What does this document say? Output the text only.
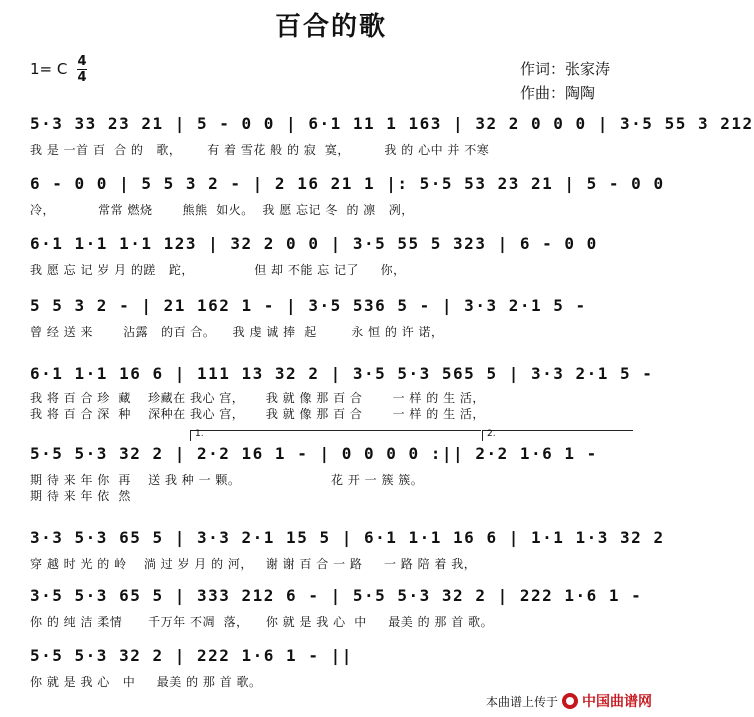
百合的歌
1= C 4
4	作词：张家涛
作曲：陶陶
5·3 33 23 21 | 5 - 0 0 | 6·1 11 1 163 | 32 2 0 0 0 | 3·5 55 3 212
我 是 一首 百  合 的   歌，      有 着 雪花 般 的 寂  寞，        我 的 心中 并 不寒
6 - 0 0 | 5 5 3 2 - | 2 16 21 1 |: 5·5 53 23 21 | 5 - 0 0
冷，          常常 燃烧       熊熊  如火。  我 愿 忘记 冬  的 凛   冽，
6·1 1·1 1·1 123 | 32 2 0 0 | 3·5 55 5 323 | 6 - 0 0
我 愿 忘 记 岁 月 的蹉   跎，              但 却 不能 忘 记了     你，
5 5 3 2 - | 21 162 1 - | 3·5 536 5 - | 3·3 2·1 5 -
曾 经 送 来       沾露   的百 合。    我 虔 诚 捧  起        永 恒 的 许 诺，
6·1 1·1 16 6 | 111 13 32 2 | 3·5 5·3 565 5 | 3·3 2·1 5 -
我 将 百 合 珍  藏    珍藏在 我心 宫，     我 就 像 那 百 合       一 样 的 生 活，
我 将 百 合 深  种    深种在 我心 宫，     我 就 像 那 百 合       一 样 的 生 活，
1.	2.
5·5 5·3 32 2 | 2·2 16 1 - | 0 0 0 0 :|| 2·2 1·6 1 -
期 待 来 年 你  再    送 我 种 一 颗。                     花 开 一 簇 簇。
期 待 来 年 依  然
3·3 5·3 65 5 | 3·3 2·1 15 5 | 6·1 1·1 16 6 | 1·1 1·3 32 2
穿 越 时 光 的 岭    淌 过 岁 月 的 河，   谢 谢 百 合 一 路     一 路 陪 着 我，
3·5 5·3 65 5 | 333 212 6 - | 5·5 5·3 32 2 | 222 1·6 1 -
你 的 纯 洁 柔情      千万年 不凋  落，    你 就 是 我 心  中     最美 的 那 首 歌。
5·5 5·3 32 2 | 222 1·6 1 - ||
你 就 是 我 心   中     最美 的 那 首 歌。
本曲谱上传于 中国曲谱网
